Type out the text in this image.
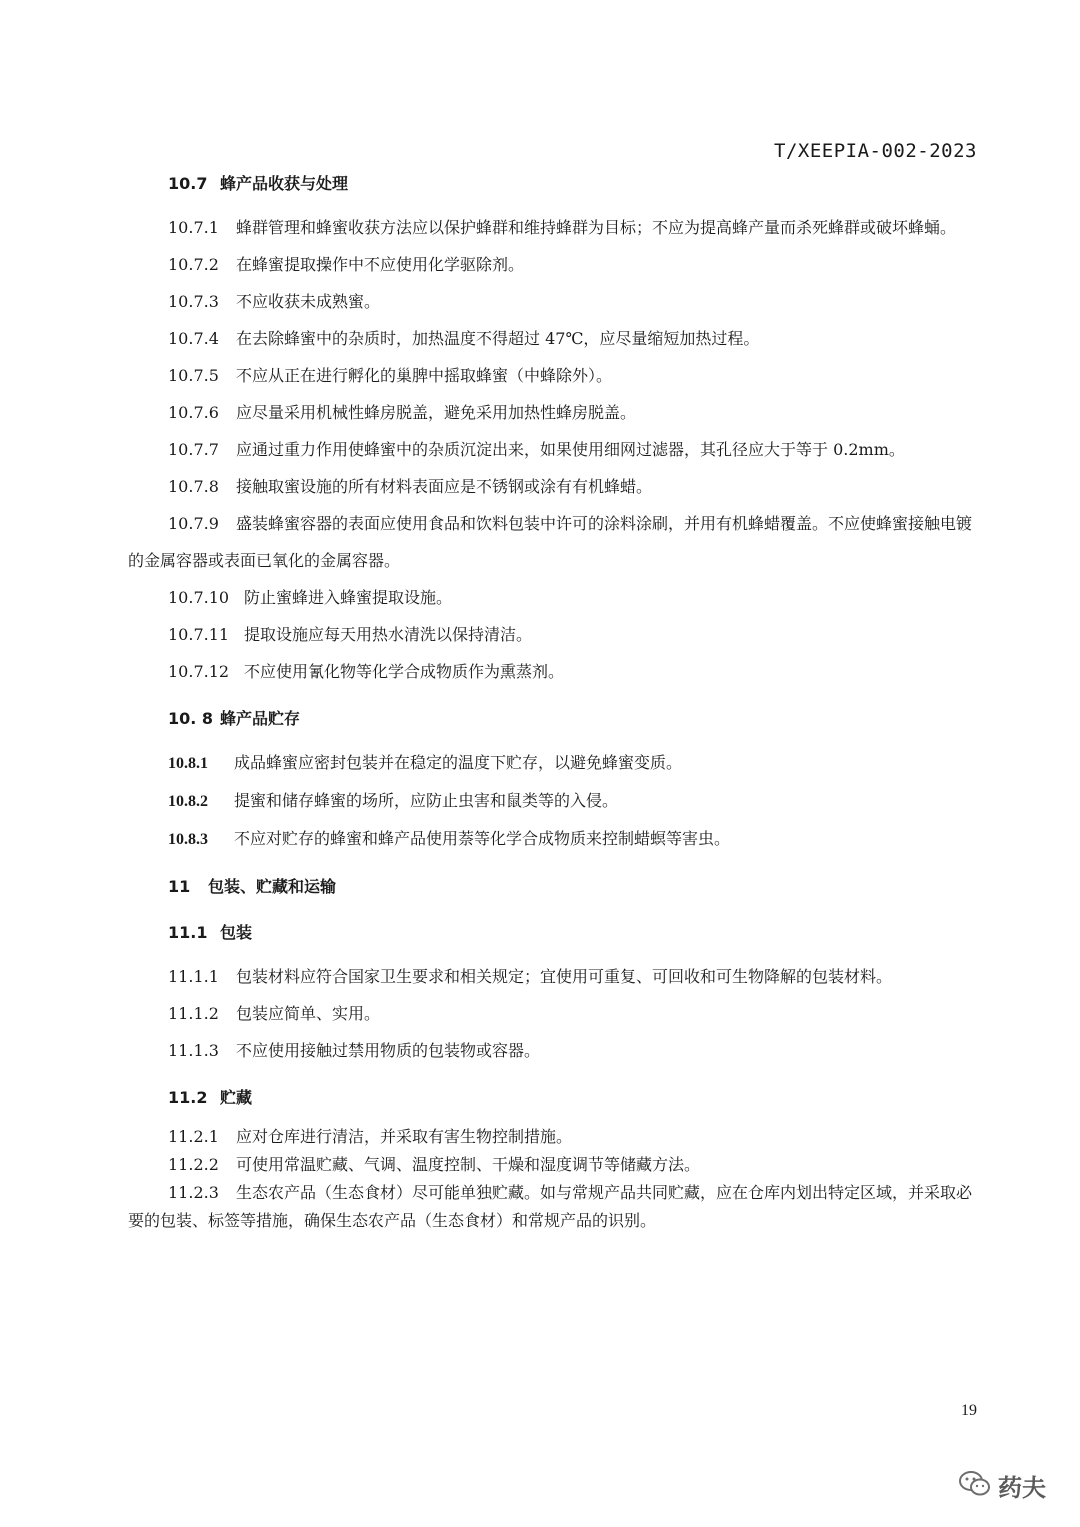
T/XEEPIA-002-2023
10.7 蜂产品收获与处理

10.7.1 蜂群管理和蜂蜜收获方法应以保护蜂群和维持蜂群为目标；不应为提高蜂产量而杀死蜂群或破坏蜂蛹。

10.7.2 在蜂蜜提取操作中不应使用化学驱除剂。

10.7.3 不应收获未成熟蜜。

10.7.4 在去除蜂蜜中的杂质时，加热温度不得超过 47℃，应尽量缩短加热过程。

10.7.5 不应从正在进行孵化的巢脾中摇取蜂蜜（中蜂除外）。

10.7.6 应尽量采用机械性蜂房脱盖，避免采用加热性蜂房脱盖。

10.7.7 应通过重力作用使蜂蜜中的杂质沉淀出来，如果使用细网过滤器，其孔径应大于等于 0.2mm。

10.7.8 接触取蜜设施的所有材料表面应是不锈钢或涂有有机蜂蜡。

10.7.9 盛装蜂蜜容器的表面应使用食品和饮料包装中许可的涂料涂刷，并用有机蜂蜡覆盖。不应使蜂蜜接触电镀的金属容器或表面已氧化的金属容器。

10.7.10 防止蜜蜂进入蜂蜜提取设施。

10.7.11 提取设施应每天用热水清洗以保持清洁。

10.7.12 不应使用氰化物等化学合成物质作为熏蒸剂。

10. 8 蜂产品贮存

10.8.1 成品蜂蜜应密封包装并在稳定的温度下贮存，以避免蜂蜜变质。

10.8.2 提蜜和储存蜂蜜的场所，应防止虫害和鼠类等的入侵。

10.8.3 不应对贮存的蜂蜜和蜂产品使用萘等化学合成物质来控制蜡螟等害虫。

11 包装、贮藏和运输
11.1 包装

11.1.1 包装材料应符合国家卫生要求和相关规定；宜使用可重复、可回收和可生物降解的包装材料。

11.1.2 包装应简单、实用。

11.1.3 不应使用接触过禁用物质的包装物或容器。

11.2 贮藏

11.2.1 应对仓库进行清洁，并采取有害生物控制措施。

11.2.2 可使用常温贮藏、气调、温度控制、干燥和湿度调节等储藏方法。

11.2.3 生态农产品（生态食材）尽可能单独贮藏。如与常规产品共同贮藏，应在仓库内划出特定区域，并采取必要的包装、标签等措施，确保生态农产品（生态食材）和常规产品的识别。

19
药夫
